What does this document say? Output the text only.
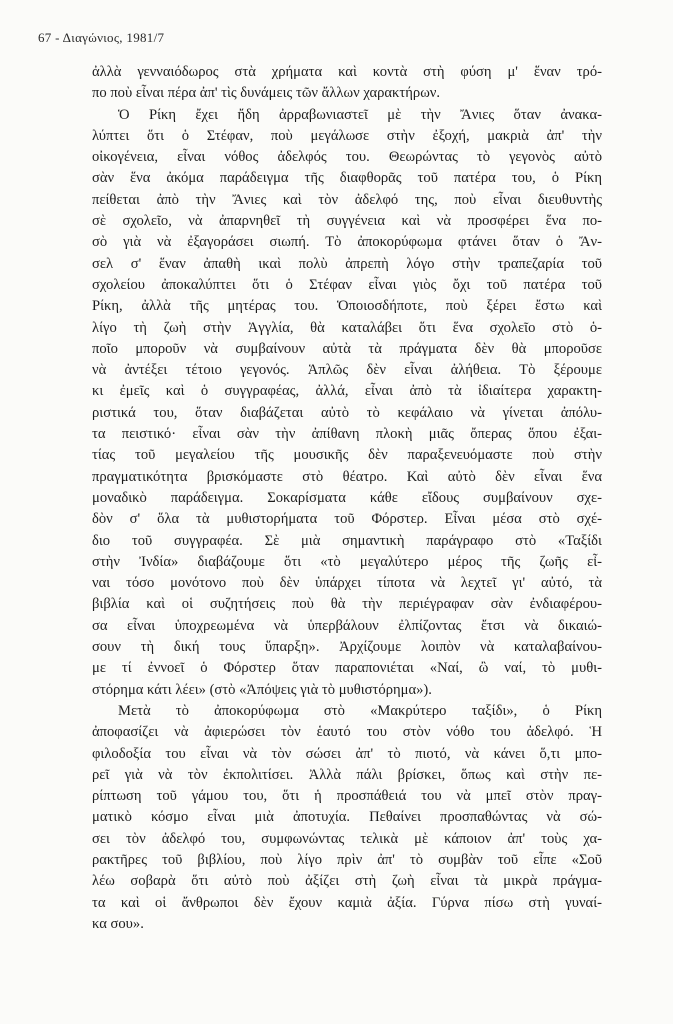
67 - Διαγώνιος, 1981/7
ἀλλὰ γενναιόδωρος στὰ χρήματα καὶ κοντὰ στὴ φύση μ' ἕναν τρό-
πο ποὺ εἶναι πέρα ἀπ' τὶς δυνάμεις τῶν ἄλλων χαρακτήρων.
Ὁ Ρίκη ἔχει ἤδη ἀρραβωνιαστεῖ μὲ τὴν Ἄνιες ὅταν ἀνακα-
λύπτει ὅτι ὁ Στέφαν, ποὺ μεγάλωσε στὴν ἐξοχή, μακριὰ ἀπ' τὴν
οἰκογένεια, εἶναι νόθος ἀδελφός του. Θεωρώντας τὸ γεγονὸς αὐτὸ
σὰν ἕνα ἀκόμα παράδειγμα τῆς διαφθορᾶς τοῦ πατέρα του, ὁ Ρίκη
πείθεται ἀπὸ τὴν Ἄνιες καὶ τὸν ἀδελφό της, ποὺ εἶναι διευθυντὴς
σὲ σχολεῖο, νὰ ἀπαρνηθεῖ τὴ συγγένεια καὶ νὰ προσφέρει ἕνα πο-
σὸ γιὰ νὰ ἐξαγοράσει σιωπή. Τὸ ἀποκορύφωμα φτάνει ὅταν ὁ Ἄν-
σελ σ' ἕναν ἀπαθὴ ικαὶ πολὺ ἀπρεπὴ λόγο στὴν τραπεζαρία τοῦ
σχολείου ἀποκαλύπτει ὅτι ὁ Στέφαν εἶναι γιὸς ὄχι τοῦ πατέρα τοῦ
Ρίκη, ἀλλὰ τῆς μητέρας του. Ὁποιοσδήποτε, ποὺ ξέρει ἔστω καὶ
λίγο τὴ ζωὴ στὴν Ἀγγλία, θὰ καταλάβει ὅτι ἕνα σχολεῖο στὸ ὁ-
ποῖο μποροῦν νὰ συμβαίνουν αὐτὰ τὰ πράγματα δὲν θὰ μποροῦσε
νὰ ἀντέξει τέτοιο γεγονός. Ἁπλῶς δὲν εἶναι ἀλήθεια. Τὸ ξέρουμε
κι ἐμεῖς καὶ ὁ συγγραφέας, ἀλλά, εἶναι ἀπὸ τὰ ἰδιαίτερα χαρακτη-
ριστικά του, ὅταν διαβάζεται αὐτὸ τὸ κεφάλαιο νὰ γίνεται ἀπόλυ-
τα πειστικό· εἶναι σὰν τὴν ἀπίθανη πλοκὴ μιᾶς ὄπερας ὅπου ἐξαι-
τίας τοῦ μεγαλείου τῆς μουσικῆς δὲν παραξενευόμαστε ποὺ στὴν
πραγματικότητα βρισκόμαστε στὸ θέατρο. Καὶ αὐτὸ δὲν εἶναι ἕνα
μοναδικὸ παράδειγμα. Σοκαρίσματα κάθε εἴδους συμβαίνουν σχε-
δὸν σ' ὅλα τὰ μυθιστορήματα τοῦ Φόρστερ. Εἶναι μέσα στὸ σχέ-
διο τοῦ συγγραφέα. Σὲ μιὰ σημαντικὴ παράγραφο στὸ «Ταξίδι
στὴν Ἰνδία» διαβάζουμε ὅτι «τὸ μεγαλύτερο μέρος τῆς ζωῆς εἶ-
ναι τόσο μονότονο ποὺ δὲν ὑπάρχει τίποτα νὰ λεχτεῖ γι' αὐτό, τὰ
βιβλία καὶ οἱ συζητήσεις ποὺ θὰ τὴν περιέγραφαν σὰν ἐνδιαφέρου-
σα εἶναι ὑποχρεωμένα νὰ ὑπερβάλουν ἐλπίζοντας ἔτσι νὰ δικαιώ-
σουν τὴ δική τους ὕπαρξη». Ἀρχίζουμε λοιπὸν νὰ καταλαβαίνου-
με τί ἐννοεῖ ὁ Φόρστερ ὅταν παραπονιέται «Ναί, ὢ ναί, τὸ μυθι-
στόρημα κάτι λέει» (στὸ «Ἀπόψεις γιὰ τὸ μυθιστόρημα»).
Μετὰ τὸ ἀποκορύφωμα στὸ «Μακρύτερο ταξίδι», ὁ Ρίκη
ἀποφασίζει νὰ ἀφιερώσει τὸν ἑαυτό του στὸν νόθο του ἀδελφό. Ἡ
φιλοδοξία του εἶναι νὰ τὸν σώσει ἀπ' τὸ πιοτό, νὰ κάνει ὅ,τι μπο-
ρεῖ γιὰ νὰ τὸν ἐκπολιτίσει. Ἀλλὰ πάλι βρίσκει, ὅπως καὶ στὴν πε-
ρίπτωση τοῦ γάμου του, ὅτι ἡ προσπάθειά του νὰ μπεῖ στὸν πραγ-
ματικὸ κόσμο εἶναι μιὰ ἀποτυχία. Πεθαίνει προσπαθώντας νὰ σώ-
σει τὸν ἀδελφό του, συμφωνώντας τελικὰ μὲ κάποιον ἀπ' τοὺς χα-
ρακτῆρες τοῦ βιβλίου, ποὺ λίγο πρὶν ἀπ' τὸ συμβὰν τοῦ εἶπε «Σοῦ
λέω σοβαρὰ ὅτι αὐτὸ ποὺ ἀξίζει στὴ ζωὴ εἶναι τὰ μικρὰ πράγμα-
τα καὶ οἱ ἄνθρωποι δὲν ἔχουν καμιὰ ἀξία. Γύρνα πίσω στὴ γυναί-
κα σου».
